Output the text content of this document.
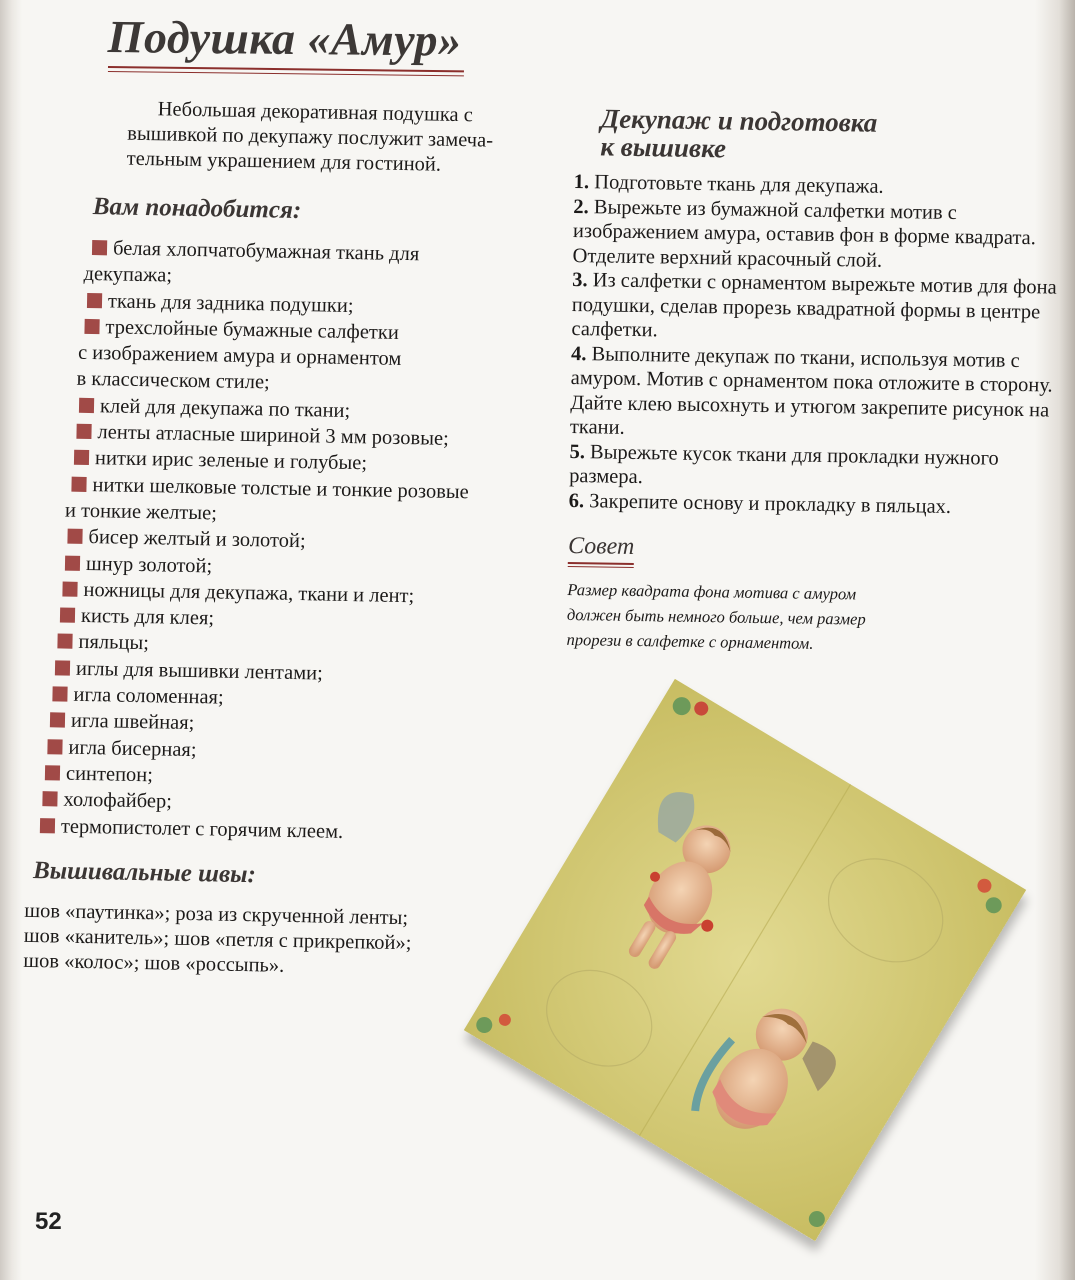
Подушка «Амур»

Небольшая декоративная подушка с
вышивкой по декупажу послужит замеча-
тельным украшением для гостиной.

Вам понадобится:
белая хлопчатобумажная ткань для
декупажа;
ткань для задника подушки;
трехслойные бумажные салфетки
с изображением амура и орнаментом
в классическом стиле;
клей для декупажа по ткани;
ленты атласные шириной 3 мм розовые;
нитки ирис зеленые и голубые;
нитки шелковые толстые и тонкие розовые
и тонкие желтые;
бисер желтый и золотой;
шнур золотой;
ножницы для декупажа, ткани и лент;
кисть для клея;
пяльцы;
иглы для вышивки лентами;
игла соломенная;
игла швейная;
игла бисерная;
синтепон;
холофайбер;
термопистолет с горячим клеем.
Вышивальные швы:

шов «паутинка»; роза из скрученной ленты; шов «канитель»; шов «петля с прикрепкой»; шов «колос»; шов «россыпь».

Декупаж и подготовка
к вышивке
1. Подготовьте ткань для декупажа.
2. Вырежьте из бумажной салфетки мотив с изображением амура, оставив фон в форме квадрата. Отделите верхний красочный слой.
3. Из салфетки с орнаментом вырежьте мотив для фона подушки, сделав прорезь квадратной формы в центре салфетки.
4. Выполните декупаж по ткани, используя мотив с амуром. Мотив с орнаментом пока отложите в сторону. Дайте клею высохнуть и утюгом закрепите рисунок на ткани.
5. Вырежьте кусок ткани для прокладки нужного размера.
6. Закрепите основу и прокладку в пяльцах.
Совет

Размер квадрата фона мотива с амуром должен быть немного больше, чем размер прорези в салфетке с орнаментом.

52
